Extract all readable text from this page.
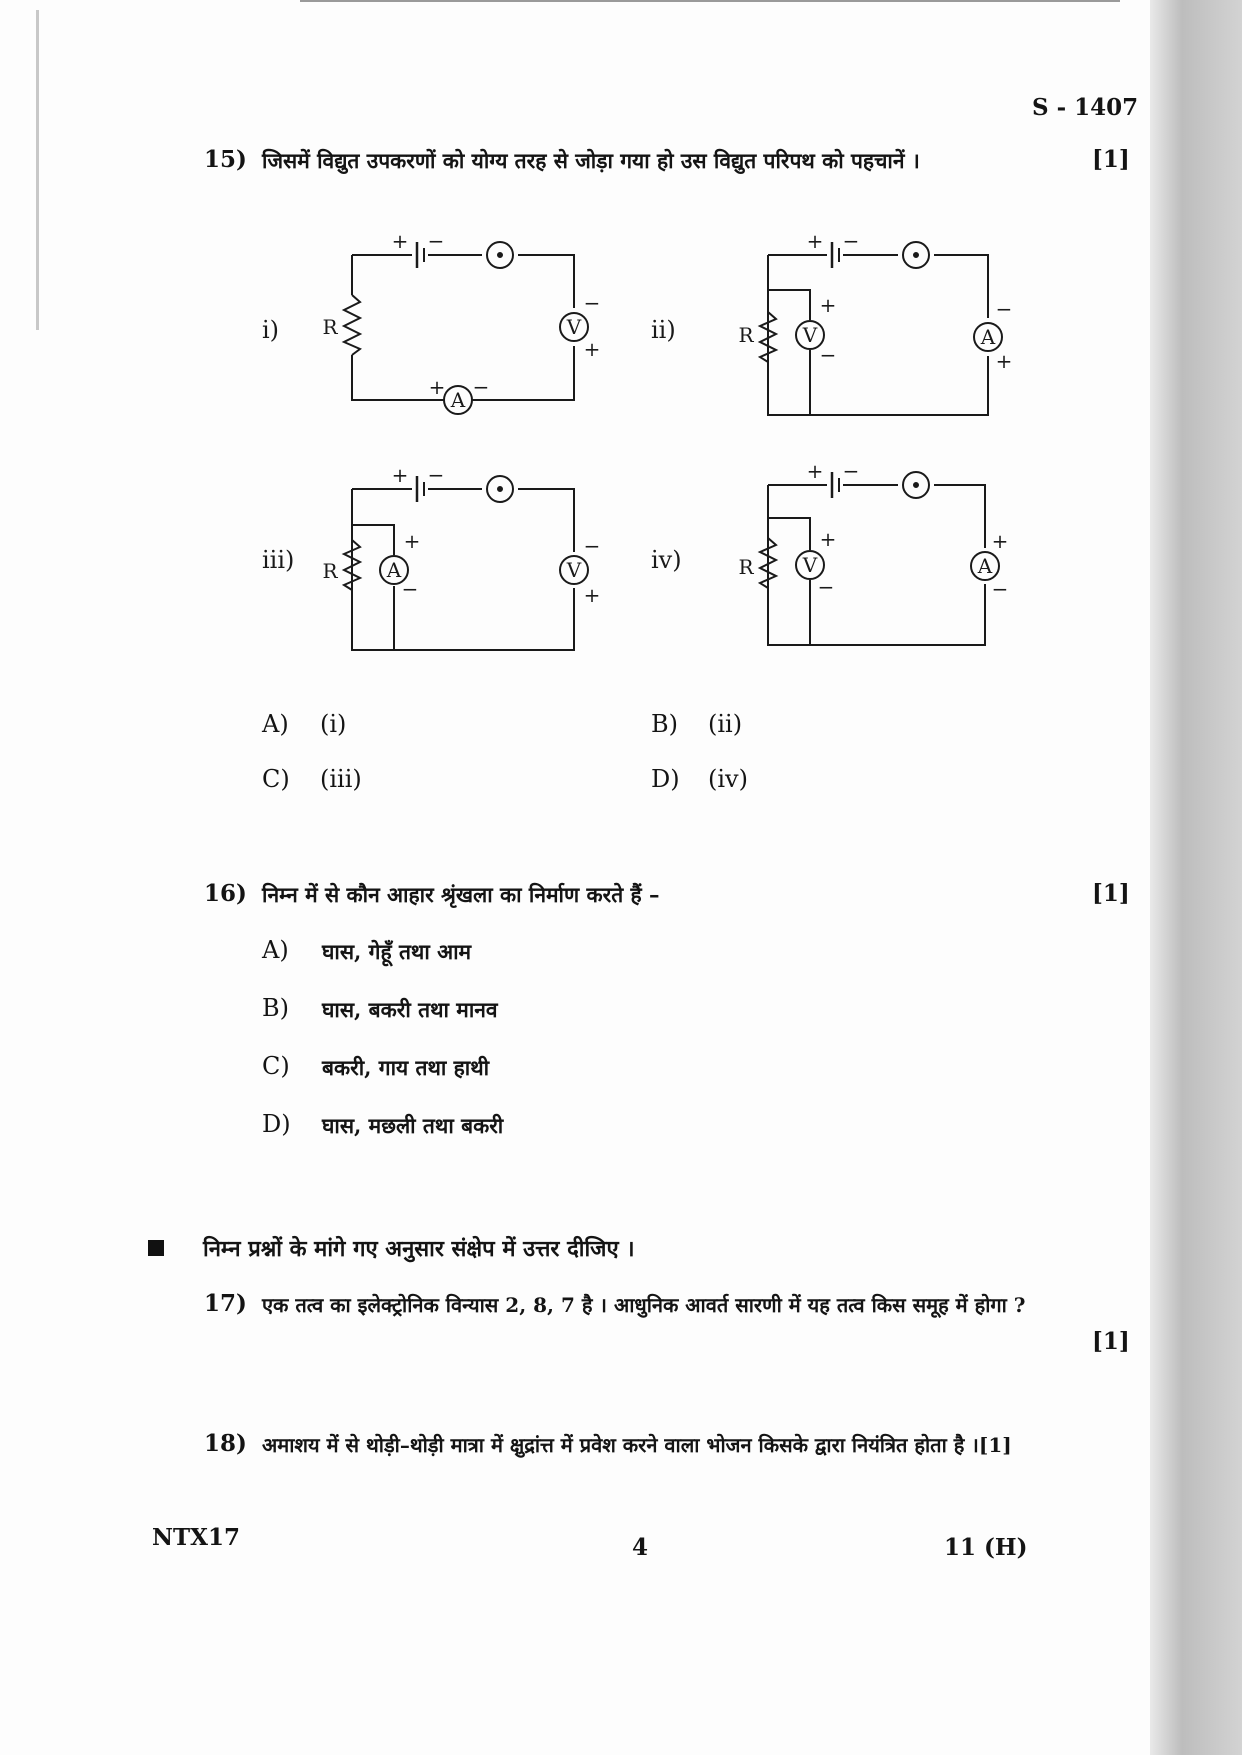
S - 1407
15) जिसमें विद्युत उपकरणों को योग्य तरह से जोड़ा गया हो उस विद्युत परिपथ को पहचानें ।	[1]
i)	ii)
iii)	iv)
R	V
A
+ −
−
+
+ −
R V	A
+ −
+
−
−
+
R A	V
+ −
+
−
−
+
R V	A
+ −
+
−
+
−
A) (i)	B) (ii)
C) (iii)	D) (iv)
16) निम्न में से कौन आहार श्रृंखला का निर्माण करते हैं –	[1]
A) घास, गेहूँ तथा आम
B) घास, बकरी तथा मानव
C) बकरी, गाय तथा हाथी
D) घास, मछली तथा बकरी
निम्न प्रश्नों के मांगे गए अनुसार संक्षेप में उत्तर दीजिए ।
17) एक तत्व का इलेक्ट्रोनिक विन्यास 2, 8, 7 है । आधुनिक आवर्त सारणी में यह तत्व किस समूह में होगा ?
[1]
18) अमाशय में से थोड़ी–थोड़ी मात्रा में क्षुद्रांत्त में प्रवेश करने वाला भोजन किसके द्वारा नियंत्रित होता है ।[1]
NTX17	4	11 (H)
